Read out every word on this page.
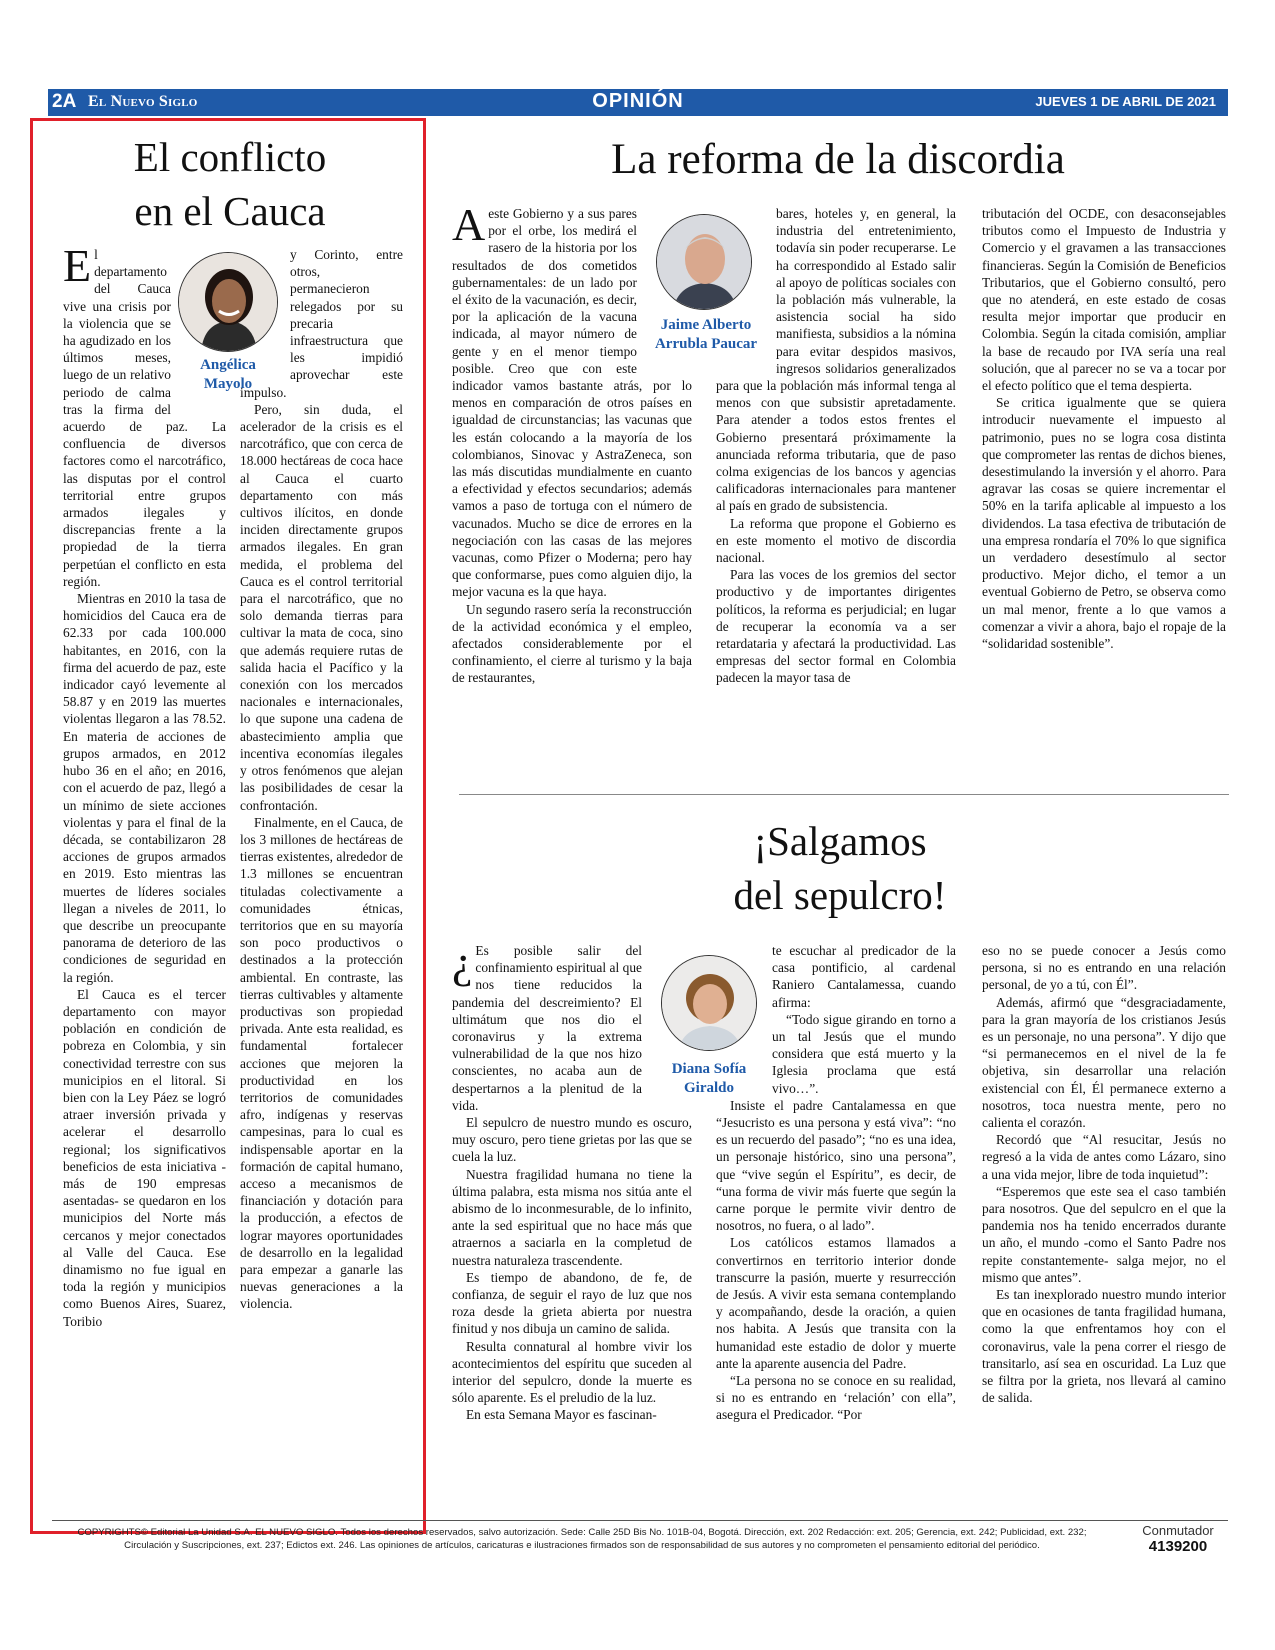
2A El Nuevo Siglo	OPINIÓN	JUEVES 1 DE ABRIL DE 2021
El conflicto
en el Cauca
Angélica
Mayolo

El departamento del Cauca vive una crisis por la violencia que se ha agudizado en los últimos meses, luego de un relativo periodo de calma tras la firma del acuerdo de paz. La confluencia de diversos factores como el narcotráfico, las disputas por el control territorial entre grupos armados ilegales y discrepancias frente a la propiedad de la tierra perpetúan el conflicto en esta región.

Mientras en 2010 la tasa de homicidios del Cauca era de 62.33 por cada 100.000 habitantes, en 2016, con la firma del acuerdo de paz, este indicador cayó levemente al 58.87 y en 2019 las muertes violentas llegaron a las 78.52. En materia de acciones de grupos armados, en 2012 hubo 36 en el año; en 2016, con el acuerdo de paz, llegó a un mínimo de siete acciones violentas y para el final de la década, se contabilizaron 28 acciones de grupos armados en 2019. Esto mientras las muertes de líderes sociales llegan a niveles de 2011, lo que describe un preocupante panorama de deterioro de las condiciones de seguridad en la región.

El Cauca es el tercer departamento con mayor población en condición de pobreza en Colombia, y sin conectividad terrestre con sus municipios en el litoral. Si bien con la Ley Páez se logró atraer inversión privada y acelerar el desarrollo regional; los significativos beneficios de esta iniciativa -más de 190 empresas asentadas- se quedaron en los municipios del Norte más cercanos y mejor conectados al Valle del Cauca. Ese dinamismo no fue igual en toda la región y municipios como Buenos Aires, Suarez, Toribio

y Corinto, entre otros, permanecieron relegados por su precaria infraestructura que les impidió aprovechar este impulso.

Pero, sin duda, el acelerador de la crisis es el narcotráfico, que con cerca de 18.000 hectáreas de coca hace al Cauca el cuarto departamento con más cultivos ilícitos, en donde inciden directamente grupos armados ilegales. En gran medida, el problema del Cauca es el control territorial para el narcotráfico, que no solo demanda tierras para cultivar la mata de coca, sino que además requiere rutas de salida hacia el Pacífico y la conexión con los mercados nacionales e internacionales, lo que supone una cadena de abastecimiento amplia que incentiva economías ilegales y otros fenómenos que alejan las posibilidades de cesar la confrontación.

Finalmente, en el Cauca, de los 3 millones de hectáreas de tierras existentes, alrededor de 1.3 millones se encuentran tituladas colectivamente a comunidades étnicas, territorios que en su mayoría son poco productivos o destinados a la protección ambiental. En contraste, las tierras cultivables y altamente productivas son propiedad privada. Ante esta realidad, es fundamental fortalecer acciones que mejoren la productividad en los territorios de comunidades afro, indígenas y reservas campesinas, para lo cual es indispensable aportar en la formación de capital humano, acceso a mecanismos de financiación y dotación para la producción, a efectos de lograr mayores oportunidades de desarrollo en la legalidad para empezar a ganarle las nuevas generaciones a la violencia.

La reforma de la discordia
Jaime Alberto
Arrubla Paucar

Aeste Gobierno y a sus pares por el orbe, los medirá el rasero de la historia por los resultados de dos cometidos gubernamentales: de un lado por el éxito de la vacunación, es decir, por la aplicación de la vacuna indicada, al mayor número de gente y en el menor tiempo posible. Creo que con este indicador vamos bastante atrás, por lo menos en comparación de otros países en igualdad de circunstancias; las vacunas que les están colocando a la mayoría de los colombianos, Sinovac y AstraZeneca, son las más discutidas mundialmente en cuanto a efectividad y efectos secundarios; además vamos a paso de tortuga con el número de vacunados. Mucho se dice de errores en la negociación con las casas de las mejores vacunas, como Pfizer o Moderna; pero hay que conformarse, pues como alguien dijo, la mejor vacuna es la que haya.

Un segundo rasero sería la reconstrucción de la actividad económica y el empleo, afectados considerablemente por el confinamiento, el cierre al turismo y la baja de restaurantes,

bares, hoteles y, en general, la industria del entretenimiento, todavía sin poder recuperarse. Le ha correspondido al Estado salir al apoyo de políticas sociales con la población más vulnerable, la asistencia social ha sido manifiesta, subsidios a la nómina para evitar despidos masivos, ingresos solidarios generalizados para que la población más informal tenga al menos con que subsistir apretadamente. Para atender a todos estos frentes el Gobierno presentará próximamente la anunciada reforma tributaria, que de paso colma exigencias de los bancos y agencias calificadoras internacionales para mantener al país en grado de subsistencia.

La reforma que propone el Gobierno es en este momento el motivo de discordia nacional.

Para las voces de los gremios del sector productivo y de importantes dirigentes políticos, la reforma es perjudicial; en lugar de recuperar la economía va a ser retardataria y afectará la productividad. Las empresas del sector formal en Colombia padecen la mayor tasa de

tributación del OCDE, con desaconsejables tributos como el Impuesto de Industria y Comercio y el gravamen a las transacciones financieras. Según la Comisión de Beneficios Tributarios, que el Gobierno consultó, pero que no atenderá, en este estado de cosas resulta mejor importar que producir en Colombia. Según la citada comisión, ampliar la base de recaudo por IVA sería una real solución, que al parecer no se va a tocar por el efecto político que el tema despierta.

Se critica igualmente que se quiera introducir nuevamente el impuesto al patrimonio, pues no se logra cosa distinta que comprometer las rentas de dichos bienes, desestimulando la inversión y el ahorro. Para agravar las cosas se quiere incrementar el 50% en la tarifa aplicable al impuesto a los dividendos. La tasa efectiva de tributación de una empresa rondaría el 70% lo que significa un verdadero desestímulo al sector productivo. Mejor dicho, el temor a un eventual Gobierno de Petro, se observa como un mal menor, frente a lo que vamos a comenzar a vivir a ahora, bajo el ropaje de la “solidaridad sostenible”.

¡Salgamos
del sepulcro!
Diana Sofía
Giraldo

¿ Es posible salir del confinamiento espiritual al que nos tiene reducidos la pandemia del descreimiento? El ultimátum que nos dio el coronavirus y la extrema vulnerabilidad de la que nos hizo conscientes, no acaba aun de despertarnos a la plenitud de la vida.

El sepulcro de nuestro mundo es oscuro, muy oscuro, pero tiene grietas por las que se cuela la luz.

Nuestra fragilidad humana no tiene la última palabra, esta misma nos sitúa ante el abismo de lo inconmesurable, de lo infinito, ante la sed espiritual que no hace más que atraernos a saciarla en la completud de nuestra naturaleza trascendente.

Es tiempo de abandono, de fe, de confianza, de seguir el rayo de luz que nos roza desde la grieta abierta por nuestra finitud y nos dibuja un camino de salida.

Resulta connatural al hombre vivir los acontecimientos del espíritu que suceden al interior del sepulcro, donde la muerte es sólo aparente. Es el preludio de la luz.

En esta Semana Mayor es fascinan-

te escuchar al predicador de la casa pontificio, al cardenal Raniero Cantalamessa, cuando afirma:

“Todo sigue girando en torno a un tal Jesús que el mundo considera que está muerto y la Iglesia proclama que está vivo…”.

Insiste el padre Cantalamessa en que “Jesucristo es una persona y está viva”: “no es un recuerdo del pasado”; “no es una idea, un personaje histórico, sino una persona”, que “vive según el Espíritu”, es decir, de “una forma de vivir más fuerte que según la carne porque le permite vivir dentro de nosotros, no fuera, o al lado”.

Los católicos estamos llamados a convertirnos en territorio interior donde transcurre la pasión, muerte y resurrección de Jesús. A vivir esta semana contemplando y acompañando, desde la oración, a quien nos habita. A Jesús que transita con la humanidad este estadio de dolor y muerte ante la aparente ausencia del Padre.

“La persona no se conoce en su realidad, si no es entrando en ‘relación’ con ella”, asegura el Predicador. “Por

eso no se puede conocer a Jesús como persona, si no es entrando en una relación personal, de yo a tú, con Él”.

Además, afirmó que “desgraciadamente, para la gran mayoría de los cristianos Jesús es un personaje, no una persona”. Y dijo que “si permanecemos en el nivel de la fe objetiva, sin desarrollar una relación existencial con Él, Él permanece externo a nosotros, toca nuestra mente, pero no calienta el corazón.

Recordó que “Al resucitar, Jesús no regresó a la vida de antes como Lázaro, sino a una vida mejor, libre de toda inquietud”:

“Esperemos que este sea el caso también para nosotros. Que del sepulcro en el que la pandemia nos ha tenido encerrados durante un año, el mundo -como el Santo Padre nos repite constantemente- salga mejor, no el mismo que antes”.

Es tan inexplorado nuestro mundo interior que en ocasiones de tanta fragilidad humana, como la que enfrentamos hoy con el coronavirus, vale la pena correr el riesgo de transitarlo, así sea en oscuridad. La Luz que se filtra por la grieta, nos llevará al camino de salida.

COPYRIGHTS© Editorial La Unidad S.A. EL NUEVO SIGLO. Todos los derechos reservados, salvo autorización. Sede: Calle 25D Bis No. 101B-04, Bogotá. Dirección, ext. 202 Redacción: ext. 205; Gerencia, ext. 242; Publicidad, ext. 232;
Circulación y Suscripciones, ext. 237; Edictos ext. 246. Las opiniones de artículos, caricaturas e ilustraciones firmados son de responsabilidad de sus autores y no comprometen el pensamiento editorial del periódico.
Conmutador
4139200
